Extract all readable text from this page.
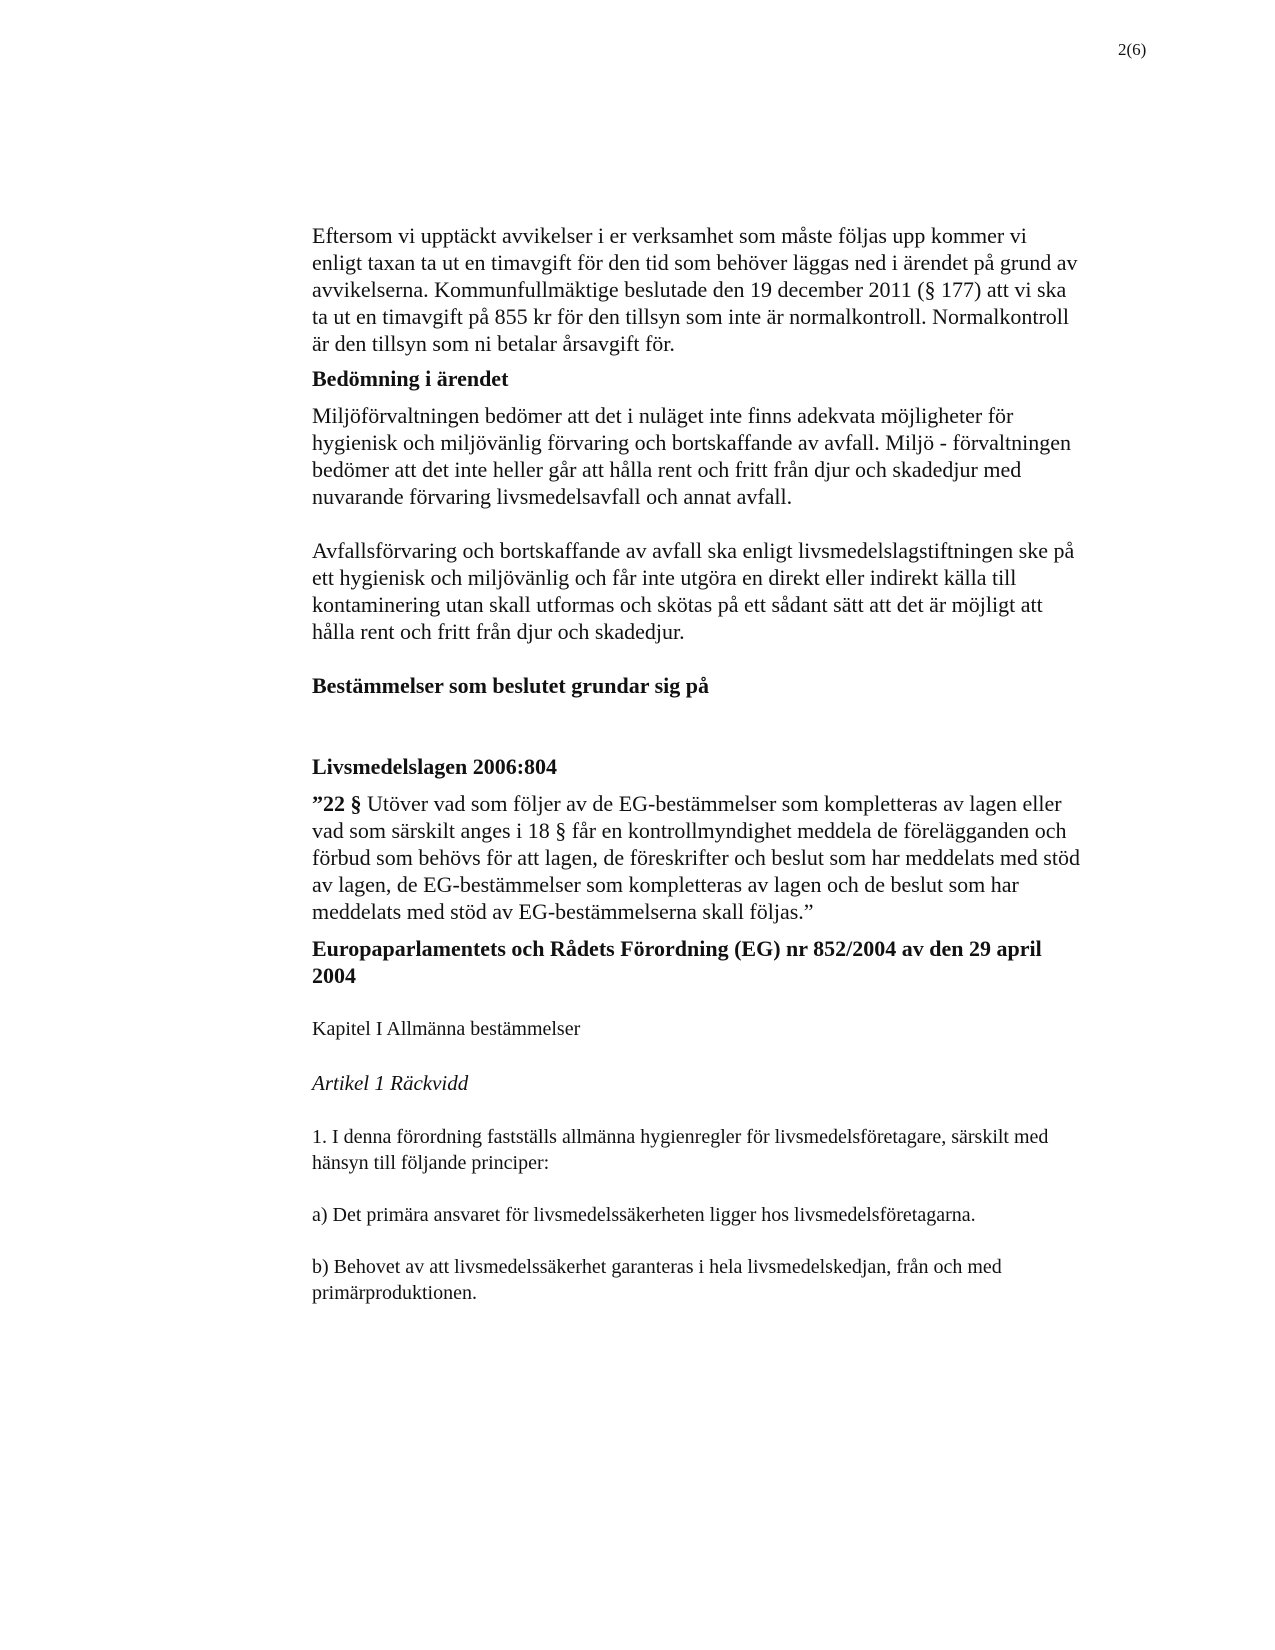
2(6)

Eftersom vi upptäckt avvikelser i er verksamhet som måste följas upp kommer vi enligt taxan ta ut en timavgift för den tid som behöver läggas ned i ärendet på grund av avvikelserna. Kommunfullmäktige beslutade den 19 december 2011 (§ 177) att vi ska ta ut en timavgift på 855 kr för den tillsyn som inte är normalkontroll. Normalkontroll är den tillsyn som ni betalar årsavgift för.

Bedömning i ärendet

Miljöförvaltningen bedömer att det i nuläget inte finns adekvata möjligheter för hygienisk och miljövänlig förvaring och bortskaffande av avfall. Miljö - förvaltningen bedömer att det inte heller går att hålla rent och fritt från djur och skadedjur med nuvarande förvaring livsmedelsavfall och annat avfall.

Avfallsförvaring och bortskaffande av avfall ska enligt livsmedelslagstiftningen ske på ett hygienisk och miljövänlig och får inte utgöra en direkt eller indirekt källa till kontaminering utan skall utformas och skötas på ett sådant sätt att det är möjligt att hålla rent och fritt från djur och skadedjur.

Bestämmelser som beslutet grundar sig på

Livsmedelslagen 2006:804

”22 § Utöver vad som följer av de EG-bestämmelser som kompletteras av lagen eller vad som särskilt anges i 18 § får en kontrollmyndighet meddela de förelägganden och förbud som behövs för att lagen, de föreskrifter och beslut som har meddelats med stöd av lagen, de EG-bestämmelser som kompletteras av lagen och de beslut som har meddelats med stöd av EG-bestämmelserna skall följas.”

Europaparlamentets och Rådets Förordning (EG) nr 852/2004 av den 29 april 2004

Kapitel I Allmänna bestämmelser

Artikel 1 Räckvidd

1. I denna förordning fastställs allmänna hygienregler för livsmedelsföretagare, särskilt med hänsyn till följande principer:

a) Det primära ansvaret för livsmedelssäkerheten ligger hos livsmedelsföretagarna.

b) Behovet av att livsmedelssäkerhet garanteras i hela livsmedelskedjan, från och med primärproduktionen.
